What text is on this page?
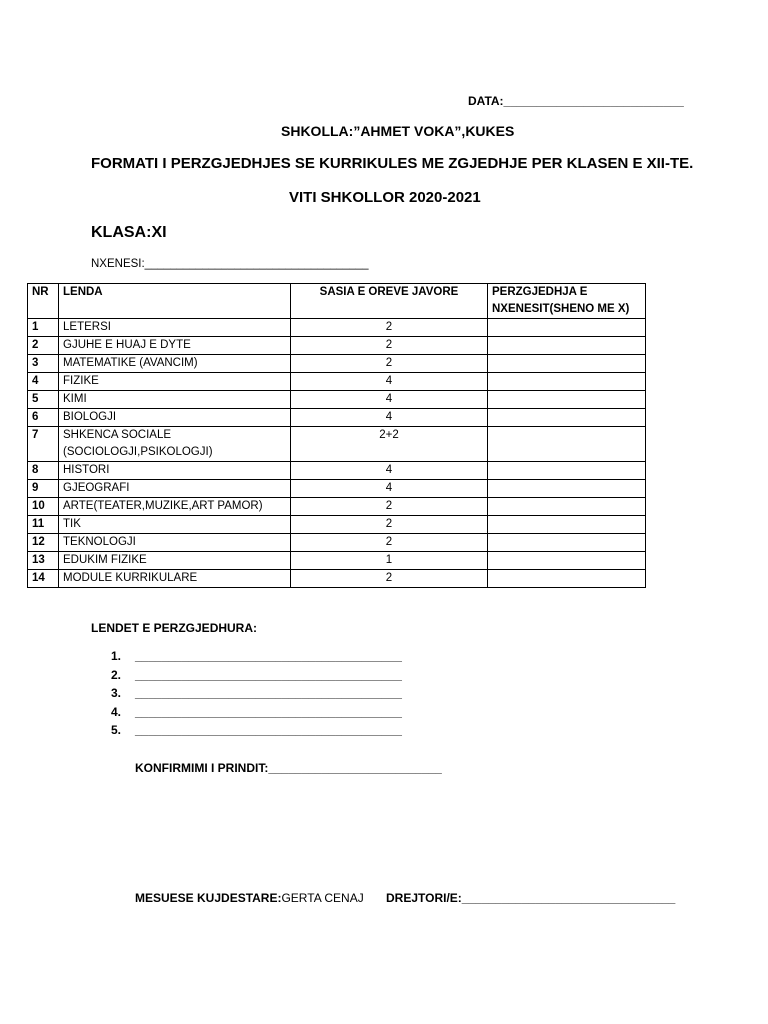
DATA:___________________________
SHKOLLA:”AHMET VOKA”,KUKES
FORMATI I PERZGJEDHJES SE KURRIKULES ME ZGJEDHJE PER KLASEN E XII-TE.
VITI SHKOLLOR 2020-2021
KLASA:XI
NXENESI:___________________________________
NR	LENDA	SASIA E OREVE JAVORE	PERZGJEDHJA E NXENESIT(SHENO ME X)
1	LETERSI	2	
2	GJUHE E HUAJ E DYTE	2	
3	MATEMATIKE (AVANCIM)	2	
4	FIZIKE	4	
5	KIMI	4	
6	BIOLOGJI	4	
7	SHKENCA SOCIALE (SOCIOLOGJI,PSIKOLOGJI)	2+2	
8	HISTORI	4	
9	GJEOGRAFI	4	
10	ARTE(TEATER,MUZIKE,ART PAMOR)	2	
11	TIK	2	
12	TEKNOLOGJI	2	
13	EDUKIM FIZIKE	1	
14	MODULE KURRIKULARE	2	
LENDET E PERZGJEDHURA:
1. ________________________________________
2. ________________________________________
3. ________________________________________
4. ________________________________________
5. ________________________________________
KONFIRMIMI I PRINDIT:__________________________
MESUESE KUJDESTARE:GERTA CENAJ DREJTORI/E:________________________________
